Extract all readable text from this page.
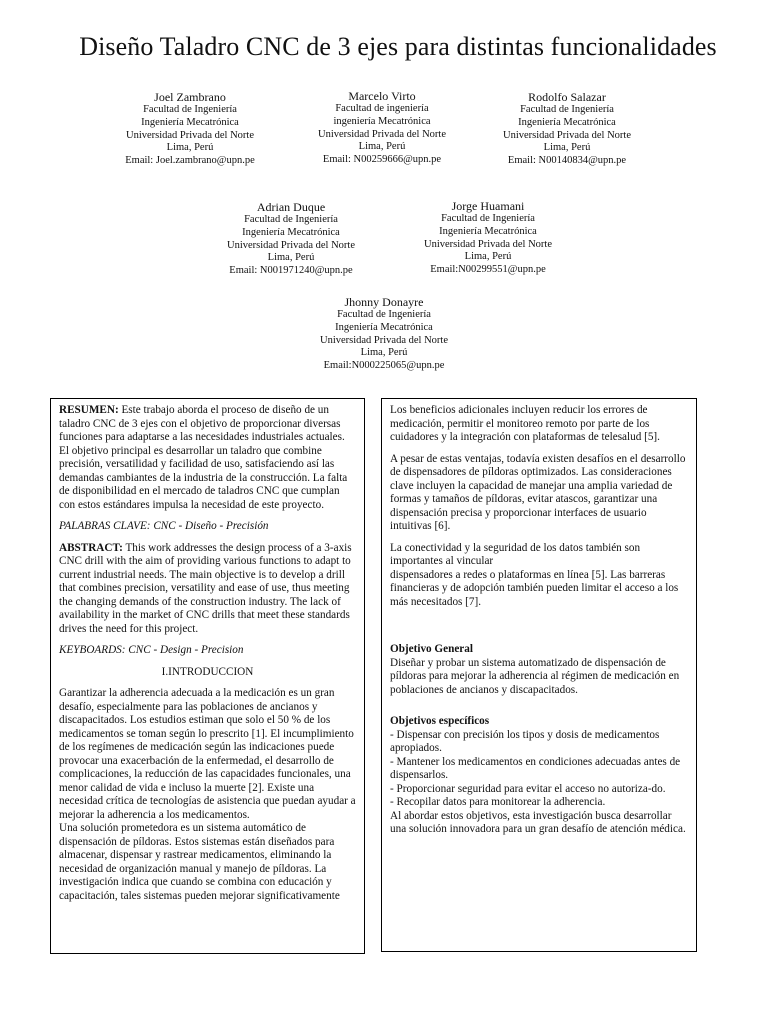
Diseño Taladro CNC de 3 ejes para distintas funcionalidades
Joel Zambrano
Facultad de Ingeniería
Ingeniería Mecatrónica
Universidad Privada del Norte
Lima, Perú
Email: Joel.zambrano@upn.pe
Marcelo Virto
Facultad de ingeniería
ingeniería Mecatrónica
Universidad Privada del Norte
Lima, Perú
Email: N00259666@upn.pe
Rodolfo Salazar
Facultad de Ingeniería
Ingeniería Mecatrónica
Universidad Privada del Norte
Lima, Perú
Email: N00140834@upn.pe
Adrian Duque
Facultad de Ingeniería
Ingeniería Mecatrónica
Universidad Privada del Norte
Lima, Perú
Email: N001971240@upn.pe
Jorge Huamani
Facultad de Ingeniería
Ingeniería Mecatrónica
Universidad Privada del Norte
Lima, Perú
Email:N00299551@upn.pe
Jhonny Donayre
Facultad de Ingeniería
Ingeniería Mecatrónica
Universidad Privada del Norte
Lima, Perú
Email:N000225065@upn.pe

RESUMEN: Este trabajo aborda el proceso de diseño de un taladro CNC de 3 ejes con el objetivo de proporcionar diversas funciones para adaptarse a las necesidades industriales actuales. El objetivo principal es desarrollar un taladro que combine precisión, versatilidad y facilidad de uso, satisfaciendo así las demandas cambiantes de la industria de la construcción. La falta de disponibilidad en el mercado de taladros CNC que cumplan con estos estándares impulsa la necesidad de este proyecto.

PALABRAS CLAVE: CNC - Diseño - Precisión

ABSTRACT: This work addresses the design process of a 3-axis CNC drill with the aim of providing various functions to adapt to current industrial needs. The main objective is to develop a drill that combines precision, versatility and ease of use, thus meeting the changing demands of the construction industry. The lack of availability in the market of CNC drills that meet these standards drives the need for this project.

KEYBOARDS: CNC - Design - Precision

I.INTRODUCCION

Garantizar la adherencia adecuada a la medicación es un gran desafío, especialmente para las poblaciones de ancianos y discapacitados. Los estudios estiman que solo el 50 % de los medicamentos se toman según lo prescrito [1]. El incumplimiento de los regímenes de medicación según las indicaciones puede provocar una exacerbación de la enfermedad, el desarrollo de complicaciones, la reducción de las capacidades funcionales, una menor calidad de vida e incluso la muerte [2]. Existe una necesidad crítica de tecnologías de asistencia que puedan ayudar a mejorar la adherencia a los medicamentos.

Una solución prometedora es un sistema automático de dispensación de píldoras. Estos sistemas están diseñados para almacenar, dispensar y rastrear medicamentos, eliminando la necesidad de organización manual y manejo de píldoras. La investigación indica que cuando se combina con educación y capacitación, tales sistemas pueden mejorar significativamente

Los beneficios adicionales incluyen reducir los errores de medicación, permitir el monitoreo remoto por parte de los cuidadores y la integración con plataformas de telesalud [5].

A pesar de estas ventajas, todavía existen desafíos en el desarrollo de dispensadores de píldoras optimizados. Las consideraciones clave incluyen la capacidad de manejar una amplia variedad de formas y tamaños de píldoras, evitar atascos, garantizar una dispensación precisa y proporcionar interfaces de usuario intuitivas [6].

La conectividad y la seguridad de los datos también son importantes al vincular

dispensadores a redes o plataformas en línea [5]. Las barreras financieras y de adopción también pueden limitar el acceso a los más necesitados [7].

Objetivo General

Diseñar y probar un sistema automatizado de dispensación de píldoras para mejorar la adherencia al régimen de medicación en poblaciones de ancianos y discapacitados.

Objetivos específicos
- Dispensar con precisión los tipos y dosis de medicamentos apropiados.
- Mantener los medicamentos en condiciones adecuadas antes de dispensarlos.
- Proporcionar seguridad para evitar el acceso no autoriza-do.
- Recopilar datos para monitorear la adherencia.
Al abordar estos objetivos, esta investigación busca desarrollar una solución innovadora para un gran desafío de atención médica.
